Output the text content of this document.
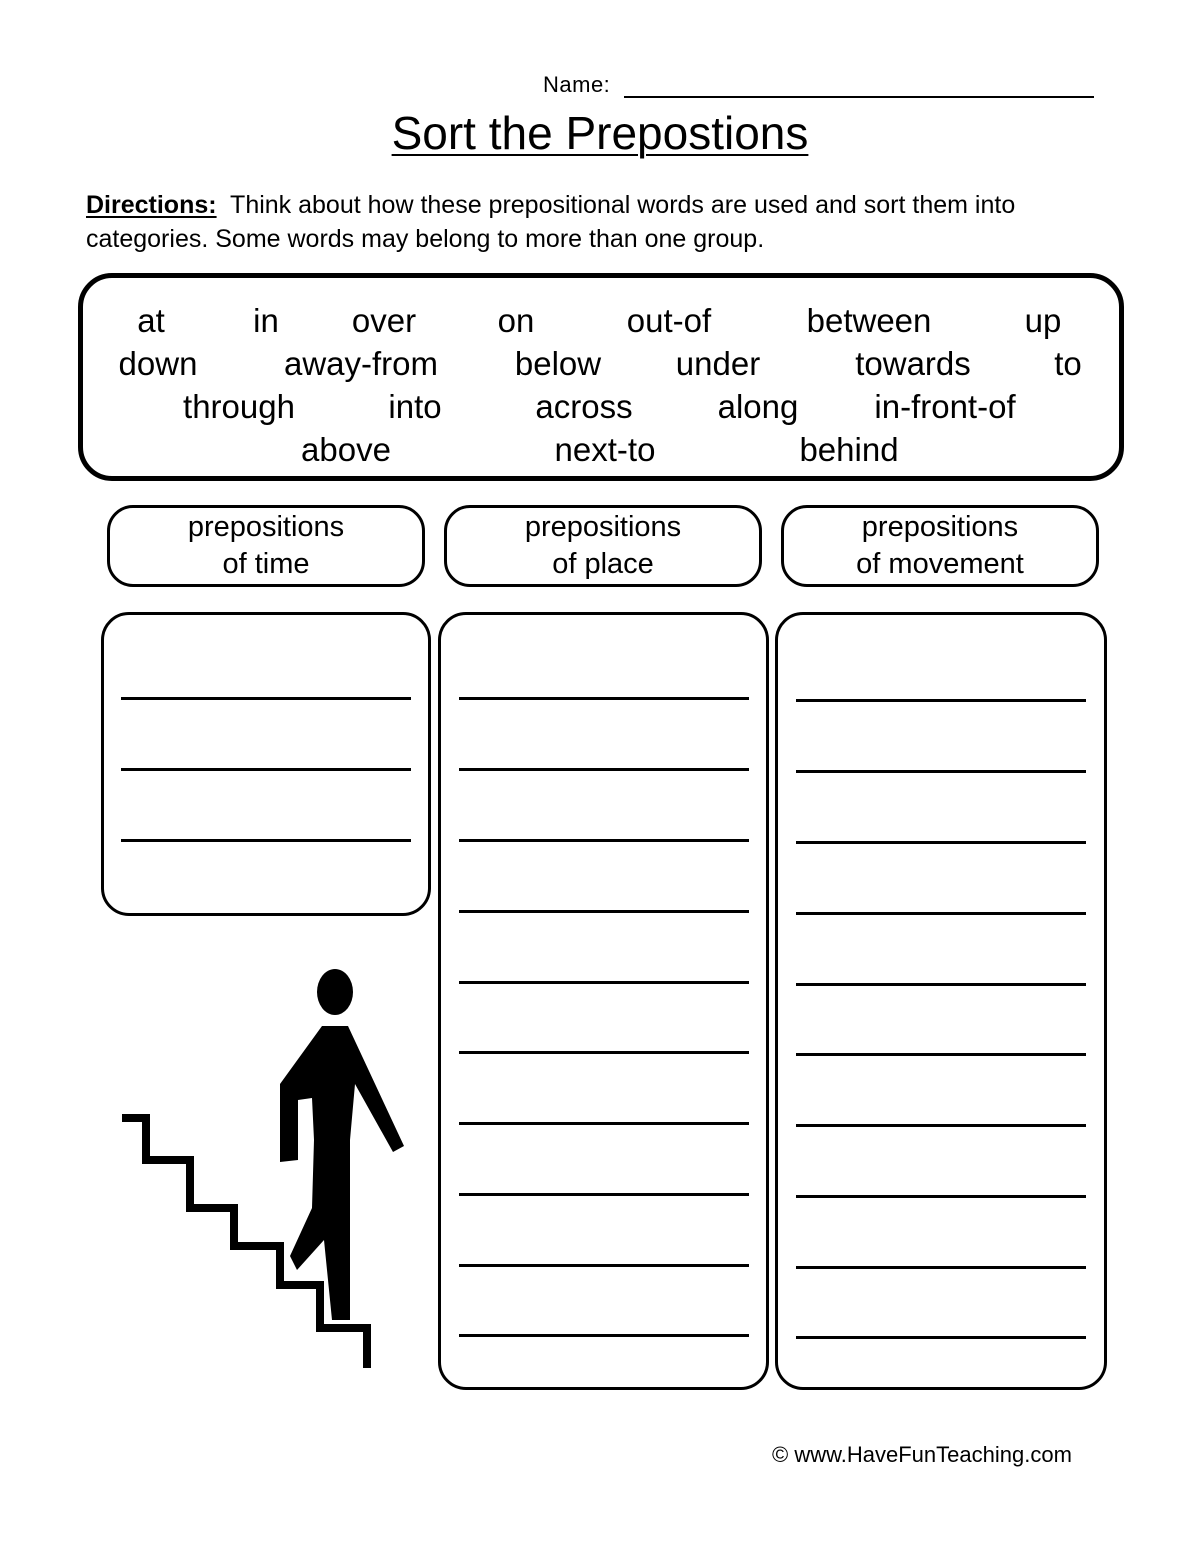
Name:
Sort the Prepostions
Directions: Think about how these prepositional words are used and sort them into categories. Some words may belong to more than one group.
at	in over on	out-of	between	up
down	away-from below under	towards	to
through	into	across	along in-front-of
above	next-to	behind
prepositions
of time
prepositions
of place
prepositions
of movement
© www.HaveFunTeaching.com
